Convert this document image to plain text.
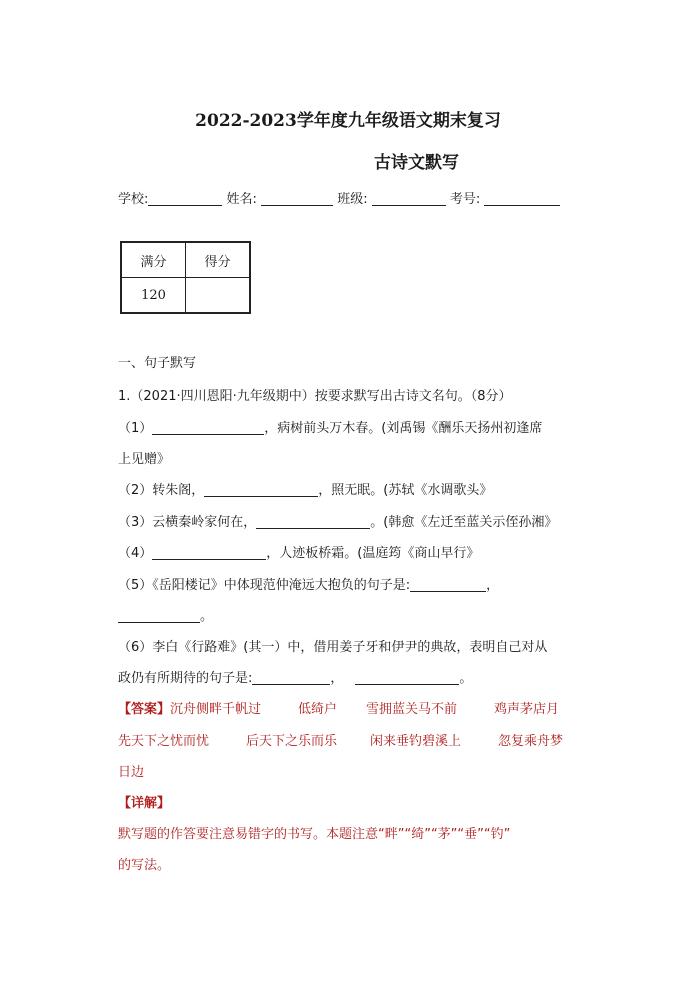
2022-2023学年度九年级语文期末复习
古诗文默写
学校:	姓名:	班级:	考号:
满分	得分
120	
一、句子默写
1.（2021·四川恩阳·九年级期中）按要求默写出古诗文名句。（8分）
（1）	，病树前头万木春。(刘禹锡《酬乐天扬州初逢席
上见赠》
（2）转朱阁，	，照无眠。(苏轼《水调歌头》
（3）云横秦岭家何在，	。(韩愈《左迁至蓝关示侄孙湘》
（4）	，人迹板桥霜。(温庭筠《商山早行》
（5）《岳阳楼记》中体现范仲淹远大抱负的句子是:	，
。
（6）李白《行路难》(其一）中，借用姜子牙和伊尹的典故，表明自己对从
政仍有所期待的句子是:	，	。
【答案】沉舟侧畔千帆过	低绮户 雪拥蓝关马不前	鸡声茅店月
先天下之忧而忧	后天下之乐而乐	闲来垂钓碧溪上	忽复乘舟梦
日边
【详解】
默写题的作答要注意易错字的书写。本题注意“畔”“绮”“茅”“垂”“钓”
的写法。
